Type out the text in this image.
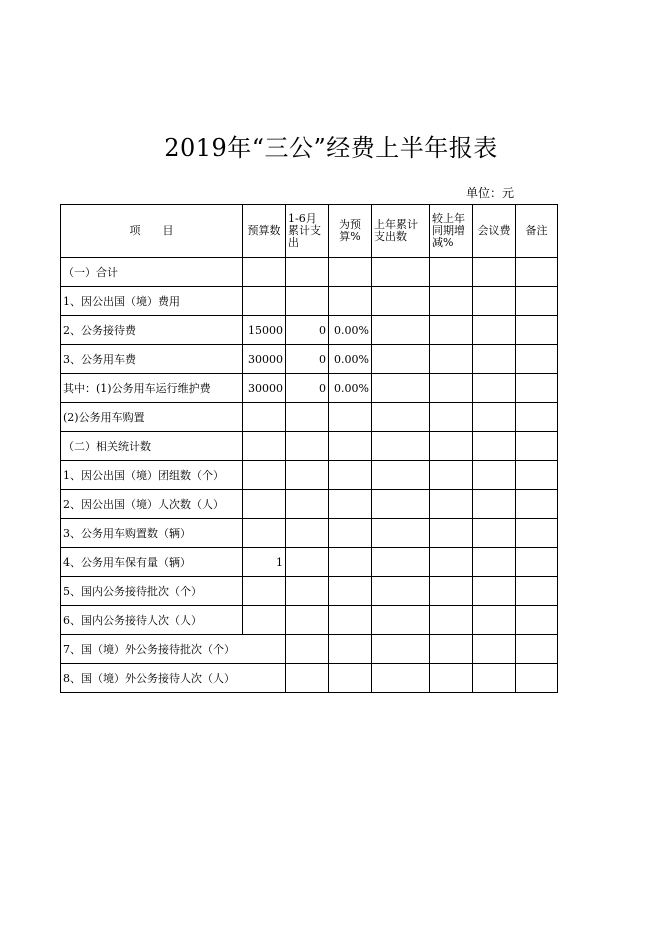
2019年“三公”经费上半年报表
单位：元
项　　目	预算数	1-6月累计支出	为预算%	上年累计支出数	较上年同期增减%	会议费	备注
（一）合计							
1、因公出国（境）费用							
2、公务接待费	15000	0	0.00%				
3、公务用车费	30000	0	0.00%				
其中：(1)公务用车运行维护费	30000	0	0.00%				
(2)公务用车购置							
（二）相关统计数							
1、因公出国（境）团组数（个）							
2、因公出国（境）人次数（人）							
3、公务用车购置数（辆）							
4、公务用车保有量（辆）	1						
5、国内公务接待批次（个）							
6、国内公务接待人次（人）							
7、国（境）外公务接待批次（个）							
8、国（境）外公务接待人次（人）							
